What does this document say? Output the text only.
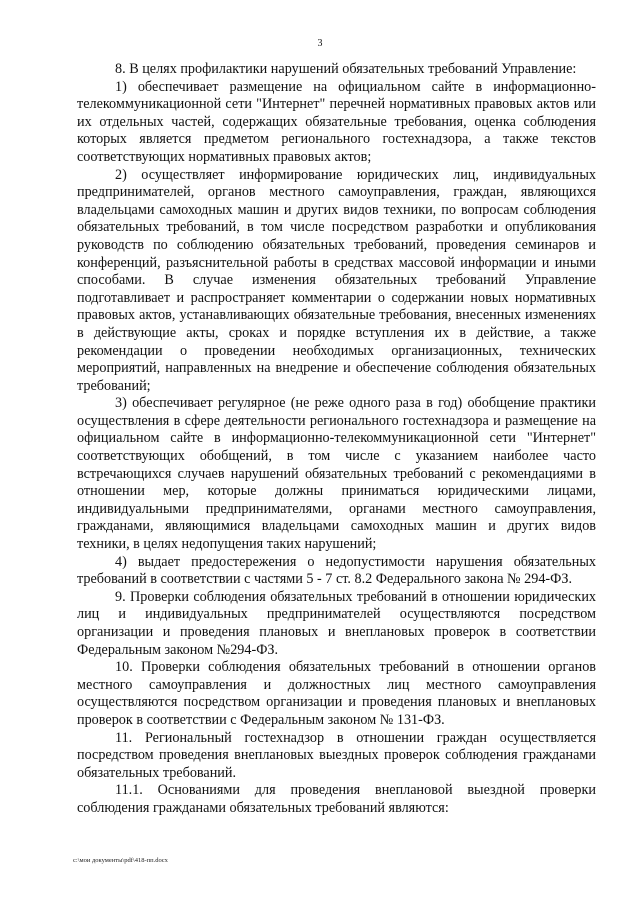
3

8. В целях профилактики нарушений обязательных требований Управление:

1) обеспечивает размещение на официальном сайте в информационно-телекоммуникационной сети "Интернет" перечней нормативных правовых актов или их отдельных частей, содержащих обязательные требования, оценка соблюдения которых является предметом регионального гостехнадзора, а также текстов соответствующих нормативных правовых актов;

2) осуществляет информирование юридических лиц, индивидуальных предпринимателей, органов местного самоуправления, граждан, являющихся владельцами самоходных машин и других видов техники, по вопросам соблюдения обязательных требований, в том числе посредством разработки и опубликования руководств по соблюдению обязательных требований, проведения семинаров и конференций, разъяснительной работы в средствах массовой информации и иными способами. В случае изменения обязательных требований Управление подготавливает и распространяет комментарии о содержании новых нормативных правовых актов, устанавливающих обязательные требования, внесенных изменениях в действующие акты, сроках и порядке вступления их в действие, а также рекомендации о проведении необходимых организационных, технических мероприятий, направленных на внедрение и обеспечение соблюдения обязательных требований;

3) обеспечивает регулярное (не реже одного раза в год) обобщение практики осуществления в сфере деятельности регионального гостехнадзора и размещение на официальном сайте в информационно-телекоммуникационной сети "Интернет" соответствующих обобщений, в том числе с указанием наиболее часто встречающихся случаев нарушений обязательных требований с рекомендациями в отношении мер, которые должны приниматься юридическими лицами, индивидуальными предпринимателями, органами местного самоуправления, гражданами, являющимися владельцами самоходных машин и других видов техники, в целях недопущения таких нарушений;

4) выдает предостережения о недопустимости нарушения обязательных требований в соответствии с частями 5 - 7 ст. 8.2 Федерального закона № 294-ФЗ.

9. Проверки соблюдения обязательных требований в отношении юридических лиц и индивидуальных предпринимателей осуществляются посредством организации и проведения плановых и внеплановых проверок в соответствии Федеральным законом №294-ФЗ.

10. Проверки соблюдения обязательных требований в отношении органов местного самоуправления и должностных лиц местного самоуправления осуществляются посредством организации и проведения плановых и внеплановых проверок в соответствии с Федеральным законом № 131-ФЗ.

11. Региональный гостехнадзор в отношении граждан осуществляется посредством проведения внеплановых выездных проверок соблюдения гражданами обязательных требований.

11.1. Основаниями для проведения внеплановой выездной проверки соблюдения гражданами обязательных требований являются:

c:\мои документы\pdf\418-пп.docx
